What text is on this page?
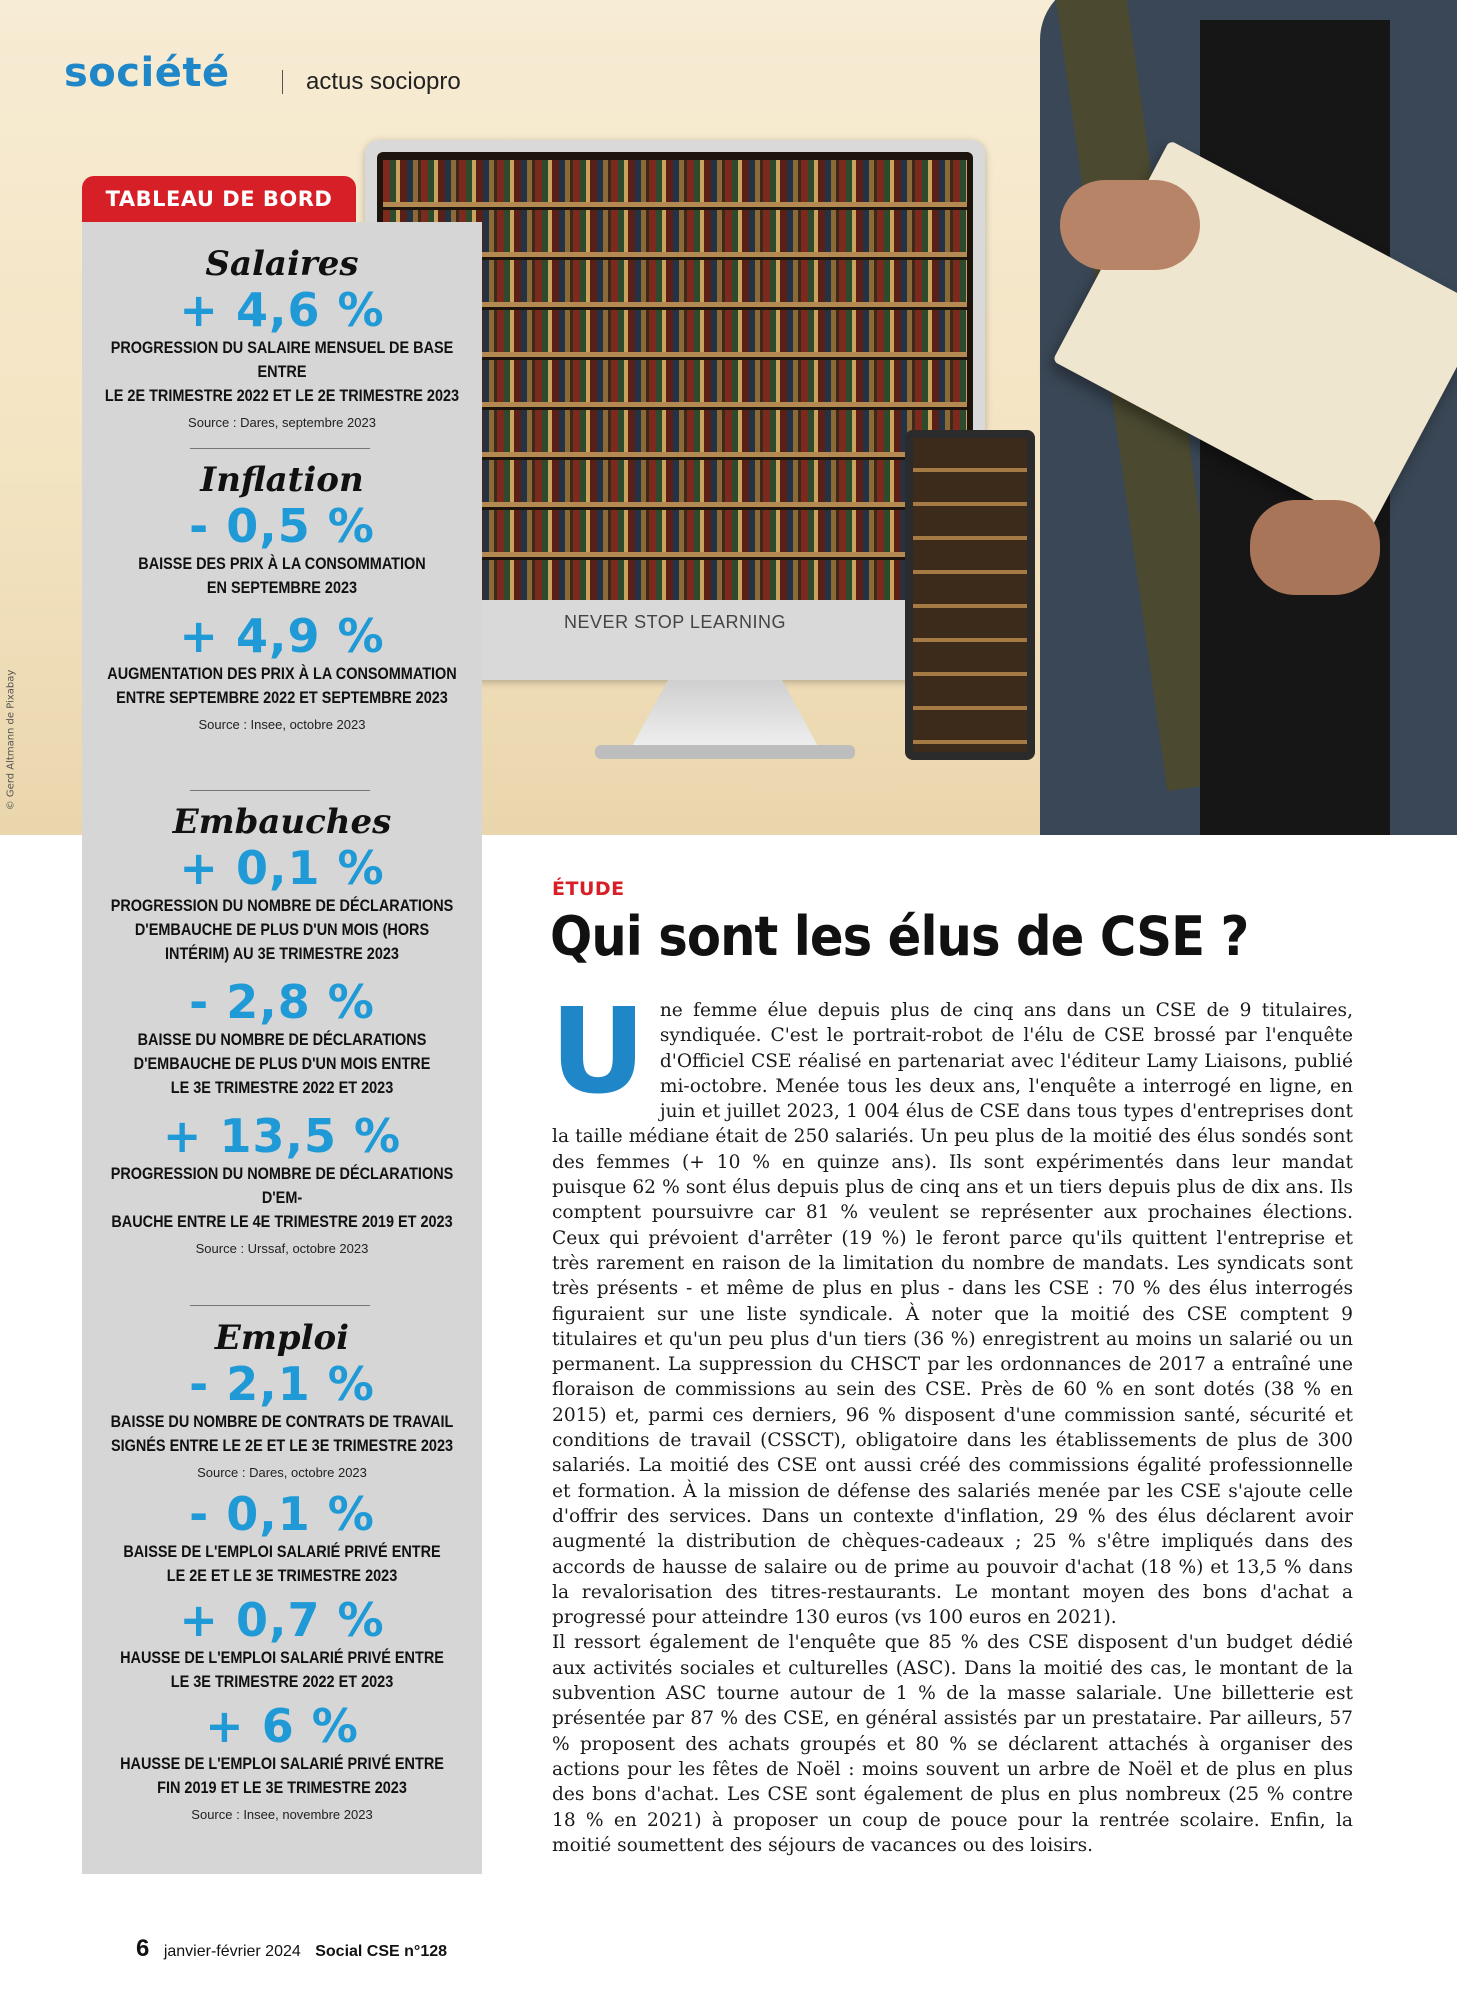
NEVER STOP LEARNING
© Gerd Altmann de Pixabay
société	actus sociopro
TABLEAU DE BORD
Salaires
+ 4,6 %
PROGRESSION DU SALAIRE MENSUEL DE BASE ENTRE
LE 2E TRIMESTRE 2022 ET LE 2E TRIMESTRE 2023
Source : Dares, septembre 2023
Inflation
- 0,5 %
BAISSE DES PRIX À LA CONSOMMATION
EN SEPTEMBRE 2023
+ 4,9 %
AUGMENTATION DES PRIX À LA CONSOMMATION
ENTRE SEPTEMBRE 2022 ET SEPTEMBRE 2023
Source : Insee, octobre 2023
Embauches
+ 0,1 %
PROGRESSION DU NOMBRE DE DÉCLARATIONS
D'EMBAUCHE DE PLUS D'UN MOIS (HORS
INTÉRIM) AU 3E TRIMESTRE 2023
- 2,8 %
BAISSE DU NOMBRE DE DÉCLARATIONS
D'EMBAUCHE DE PLUS D'UN MOIS ENTRE
LE 3E TRIMESTRE 2022 ET 2023
+ 13,5 %
PROGRESSION DU NOMBRE DE DÉCLARATIONS D'EM-
BAUCHE ENTRE LE 4E TRIMESTRE 2019 ET 2023
Source : Urssaf, octobre 2023
Emploi
- 2,1 %
BAISSE DU NOMBRE DE CONTRATS DE TRAVAIL
SIGNÉS ENTRE LE 2E ET LE 3E TRIMESTRE 2023
Source : Dares, octobre 2023
- 0,1 %
BAISSE DE L'EMPLOI SALARIÉ PRIVÉ ENTRE
LE 2E ET LE 3E TRIMESTRE 2023
+ 0,7 %
HAUSSE DE L'EMPLOI SALARIÉ PRIVÉ ENTRE
LE 3E TRIMESTRE 2022 ET 2023
+ 6 %
HAUSSE DE L'EMPLOI SALARIÉ PRIVÉ ENTRE
FIN 2019 ET LE 3E TRIMESTRE 2023
Source : Insee, novembre 2023
ÉTUDE
Qui sont les élus de CSE ?

Une femme élue depuis plus de cinq ans dans un CSE de 9 titulaires, syndiquée. C'est le portrait-robot de l'élu de CSE brossé par l'enquête d'Officiel CSE réalisé en partenariat avec l'éditeur Lamy Liaisons, publié mi-octobre. Menée tous les deux ans, l'enquête a interrogé en ligne, en juin et juillet 2023, 1 004 élus de CSE dans tous types d'entreprises dont la taille médiane était de 250 salariés. Un peu plus de la moitié des élus sondés sont des femmes (+ 10 % en quinze ans). Ils sont expérimentés dans leur mandat puisque 62 % sont élus depuis plus de cinq ans et un tiers depuis plus de dix ans. Ils comptent poursuivre car 81 % veulent se représenter aux prochaines élections. Ceux qui prévoient d'arrêter (19 %) le feront parce qu'ils quittent l'entreprise et très rarement en raison de la limitation du nombre de mandats. Les syndicats sont très présents - et même de plus en plus - dans les CSE : 70 % des élus interrogés figuraient sur une liste syndicale. À noter que la moitié des CSE comptent 9 titulaires et qu'un peu plus d'un tiers (36 %) enregistrent au moins un salarié ou un permanent. La suppression du CHSCT par les ordonnances de 2017 a entraîné une floraison de commissions au sein des CSE. Près de 60 % en sont dotés (38 % en 2015) et, parmi ces derniers, 96 % disposent d'une commission santé, sécurité et conditions de travail (CSSCT), obligatoire dans les établissements de plus de 300 salariés. La moitié des CSE ont aussi créé des commissions égalité professionnelle et formation. À la mission de défense des salariés menée par les CSE s'ajoute celle d'offrir des services. Dans un contexte d'inflation, 29 % des élus déclarent avoir augmenté la distribution de chèques-cadeaux ; 25 % s'être impliqués dans des accords de hausse de salaire ou de prime au pouvoir d'achat (18 %) et 13,5 % dans la revalorisation des titres-restaurants. Le montant moyen des bons d'achat a progressé pour atteindre 130 euros (vs 100 euros en 2021).

Il ressort également de l'enquête que 85 % des CSE disposent d'un budget dédié aux activités sociales et culturelles (ASC). Dans la moitié des cas, le montant de la subvention ASC tourne autour de 1 % de la masse salariale. Une billetterie est présentée par 87 % des CSE, en général assistés par un prestataire. Par ailleurs, 57 % proposent des achats groupés et 80 % se déclarent attachés à organiser des actions pour les fêtes de Noël : moins souvent un arbre de Noël et de plus en plus des bons d'achat. Les CSE sont également de plus en plus nombreux (25 % contre 18 % en 2021) à proposer un coup de pouce pour la rentrée scolaire. Enfin, la moitié soumettent des séjours de vacances ou des loisirs.

6 janvier-février 2024 Social CSE n°128
